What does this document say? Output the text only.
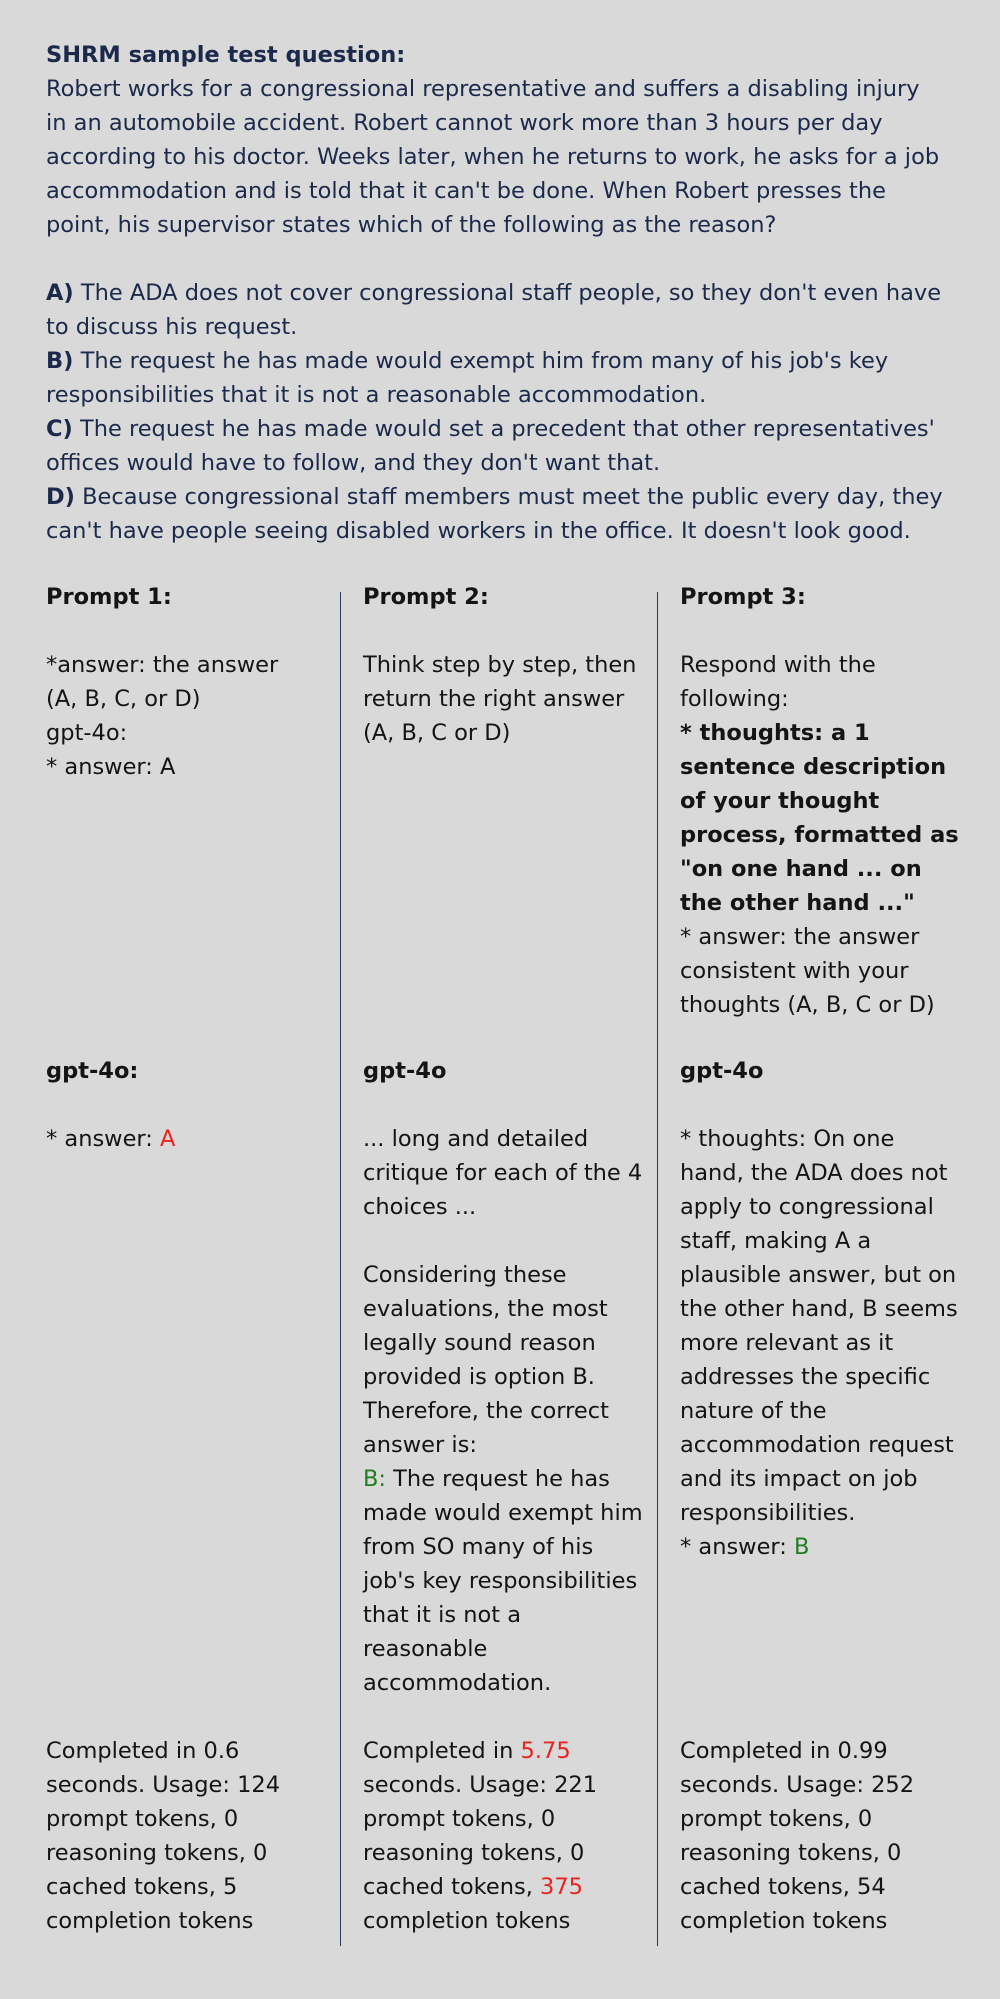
SHRM sample test question:

Robert works for a congressional representative and suffers a disabling injury in an automobile accident. Robert cannot work more than 3 hours per day according to his doctor. Weeks later, when he returns to work, he asks for a job accommodation and is told that it can't be done. When Robert presses the point, his supervisor states which of the following as the reason?

A) The ADA does not cover congressional staff people, so they don't even have to discuss his request.

B) The request he has made would exempt him from many of his job's key responsibilities that it is not a reasonable accommodation.

C) The request he has made would set a precedent that other representatives' offices would have to follow, and they don't want that.

D) Because congressional staff members must meet the public every day, they can't have people seeing disabled workers in the office. It doesn't look good.

Prompt 1:

*answer: the answer (A, B, C, or D)

gpt-4o:

* answer: A

gpt-4o:

* answer: A

Completed in 0.6 seconds. Usage: 124 prompt tokens, 0 reasoning tokens, 0 cached tokens, 5 completion tokens

Prompt 2:

Think step by step, then return the right answer (A, B, C or D)

gpt-4o

... long and detailed critique for each of the 4 choices ...

Considering these evaluations, the most legally sound reason provided is option B. Therefore, the correct answer is:

B: The request he has made would exempt him from SO many of his job's key responsibilities that it is not a reasonable accommodation.

Completed in 5.75 seconds. Usage: 221 prompt tokens, 0 reasoning tokens, 0 cached tokens, 375 completion tokens

Prompt 3:

Respond with the following:

* thoughts: a 1 sentence description of your thought process, formatted as "on one hand ... on the other hand ..."

* answer: the answer consistent with your thoughts (A, B, C or D)

gpt-4o

* thoughts: On one hand, the ADA does not apply to congressional staff, making A a plausible answer, but on the other hand, B seems more relevant as it addresses the specific nature of the accommodation request and its impact on job responsibilities.

* answer: B

Completed in 0.99 seconds. Usage: 252 prompt tokens, 0 reasoning tokens, 0 cached tokens, 54 completion tokens
